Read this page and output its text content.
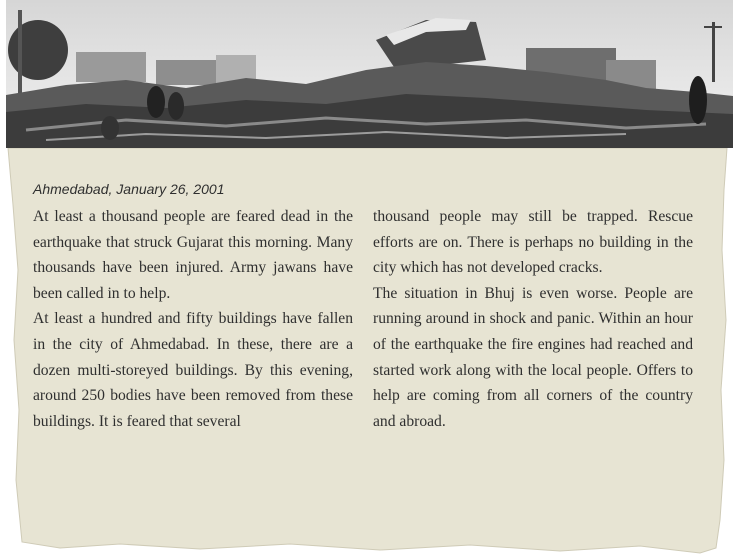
Ahmedabad, January 26, 2001

At least a thousand people are feared dead in the earthquake that struck Gujarat this morning. Many thousands have been injured. Army jawans have been called in to help.

At least a hundred and fifty buildings have fallen in the city of Ahmedabad. In these, there are a dozen multi-storeyed buildings. By this evening, around 250 bodies have been removed from these buildings. It is feared that several

thousand people may still be trapped. Rescue efforts are on. There is perhaps no building in the city which has not developed cracks.

The situation in Bhuj is even worse. People are running around in shock and panic. Within an hour of the earthquake the fire engines had reached and started work along with the local people. Offers to help are coming from all corners of the country and abroad.
